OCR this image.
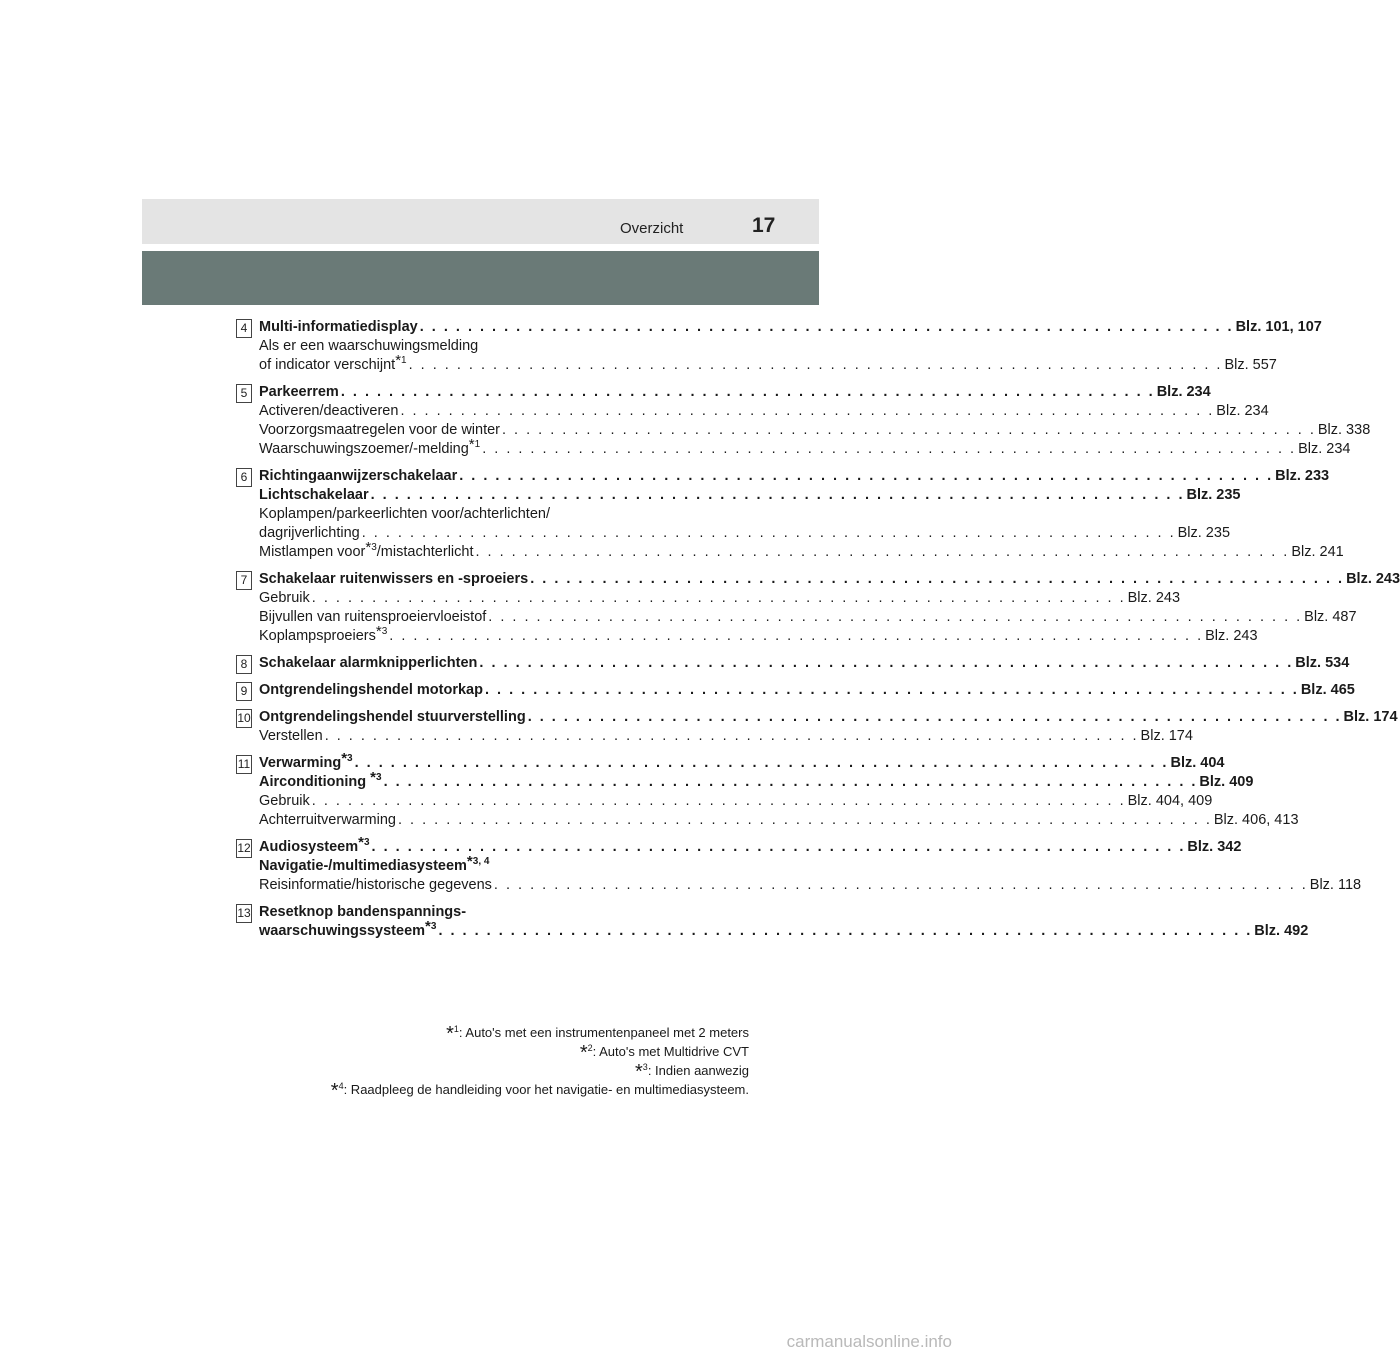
Overzicht	17
4 Multi-informatiedisplay . . . . . . . . . . . . . . . . . . . . . . . . . . . . . . . . . . . . . . . . . . . . . . . . . . . . . . . . . . . . . . . . . . . . Blz. 101, 107
Als er een waarschuwingsmelding
of indicator verschijnt$^{*1}$ . . . . . . . . . . . . . . . . . . . . . . . . . . . . . . . . . . . . . . . . . . . . . . . . . . . . . . . . . . . . . . . . . . . . Blz. 557
5 Parkeerrem . . . . . . . . . . . . . . . . . . . . . . . . . . . . . . . . . . . . . . . . . . . . . . . . . . . . . . . . . . . . . . . . . . . . Blz. 234
Activeren/deactiveren . . . . . . . . . . . . . . . . . . . . . . . . . . . . . . . . . . . . . . . . . . . . . . . . . . . . . . . . . . . . . . . . . . . . Blz. 234
Voorzorgsmaatregelen voor de winter . . . . . . . . . . . . . . . . . . . . . . . . . . . . . . . . . . . . . . . . . . . . . . . . . . . . . . . . . . . . . . . . . . . . Blz. 338
Waarschuwingszoemer/-melding$^{*1}$ . . . . . . . . . . . . . . . . . . . . . . . . . . . . . . . . . . . . . . . . . . . . . . . . . . . . . . . . . . . . . . . . . . . . Blz. 234
6 Richtingaanwijzerschakelaar . . . . . . . . . . . . . . . . . . . . . . . . . . . . . . . . . . . . . . . . . . . . . . . . . . . . . . . . . . . . . . . . . . . . Blz. 233
Lichtschakelaar . . . . . . . . . . . . . . . . . . . . . . . . . . . . . . . . . . . . . . . . . . . . . . . . . . . . . . . . . . . . . . . . . . . . Blz. 235
Koplampen/parkeerlichten voor/achterlichten/
dagrijverlichting . . . . . . . . . . . . . . . . . . . . . . . . . . . . . . . . . . . . . . . . . . . . . . . . . . . . . . . . . . . . . . . . . . . . Blz. 235
Mistlampen voor$^{*3}$/mistachterlicht . . . . . . . . . . . . . . . . . . . . . . . . . . . . . . . . . . . . . . . . . . . . . . . . . . . . . . . . . . . . . . . . . . . . Blz. 241
7 Schakelaar ruitenwissers en -sproeiers . . . . . . . . . . . . . . . . . . . . . . . . . . . . . . . . . . . . . . . . . . . . . . . . . . . . . . . . . . . . . . . . . . . . Blz. 243
Gebruik . . . . . . . . . . . . . . . . . . . . . . . . . . . . . . . . . . . . . . . . . . . . . . . . . . . . . . . . . . . . . . . . . . . . Blz. 243
Bijvullen van ruitensproeiervloeistof . . . . . . . . . . . . . . . . . . . . . . . . . . . . . . . . . . . . . . . . . . . . . . . . . . . . . . . . . . . . . . . . . . . . Blz. 487
Koplampsproeiers$^{*3}$ . . . . . . . . . . . . . . . . . . . . . . . . . . . . . . . . . . . . . . . . . . . . . . . . . . . . . . . . . . . . . . . . . . . . Blz. 243
8 Schakelaar alarmknipperlichten . . . . . . . . . . . . . . . . . . . . . . . . . . . . . . . . . . . . . . . . . . . . . . . . . . . . . . . . . . . . . . . . . . . . Blz. 534
9 Ontgrendelingshendel motorkap . . . . . . . . . . . . . . . . . . . . . . . . . . . . . . . . . . . . . . . . . . . . . . . . . . . . . . . . . . . . . . . . . . . . Blz. 465
10 Ontgrendelingshendel stuurverstelling . . . . . . . . . . . . . . . . . . . . . . . . . . . . . . . . . . . . . . . . . . . . . . . . . . . . . . . . . . . . . . . . . . . . Blz. 174
Verstellen . . . . . . . . . . . . . . . . . . . . . . . . . . . . . . . . . . . . . . . . . . . . . . . . . . . . . . . . . . . . . . . . . . . . Blz. 174
11 Verwarming$^{*3}$ . . . . . . . . . . . . . . . . . . . . . . . . . . . . . . . . . . . . . . . . . . . . . . . . . . . . . . . . . . . . . . . . . . . . Blz. 404
Airconditioning $^{*3}$ . . . . . . . . . . . . . . . . . . . . . . . . . . . . . . . . . . . . . . . . . . . . . . . . . . . . . . . . . . . . . . . . . . . . Blz. 409
Gebruik . . . . . . . . . . . . . . . . . . . . . . . . . . . . . . . . . . . . . . . . . . . . . . . . . . . . . . . . . . . . . . . . . . . . Blz. 404, 409
Achterruitverwarming . . . . . . . . . . . . . . . . . . . . . . . . . . . . . . . . . . . . . . . . . . . . . . . . . . . . . . . . . . . . . . . . . . . . Blz. 406, 413
12 Audiosysteem$^{*3}$ . . . . . . . . . . . . . . . . . . . . . . . . . . . . . . . . . . . . . . . . . . . . . . . . . . . . . . . . . . . . . . . . . . . . Blz. 342
Navigatie-/multimediasysteem$^{*3, 4}$
Reisinformatie/historische gegevens . . . . . . . . . . . . . . . . . . . . . . . . . . . . . . . . . . . . . . . . . . . . . . . . . . . . . . . . . . . . . . . . . . . . Blz. 118
13 Resetknop bandenspannings-
waarschuwingssysteem$^{*3}$ . . . . . . . . . . . . . . . . . . . . . . . . . . . . . . . . . . . . . . . . . . . . . . . . . . . . . . . . . . . . . . . . . . . . Blz. 492
*$^1$: Auto's met een instrumentenpaneel met 2 meters
*$^2$: Auto's met Multidrive CVT
*$^3$: Indien aanwezig
*$^4$: Raadpleeg de handleiding voor het navigatie- en multimediasysteem.
carmanualsonline.info
